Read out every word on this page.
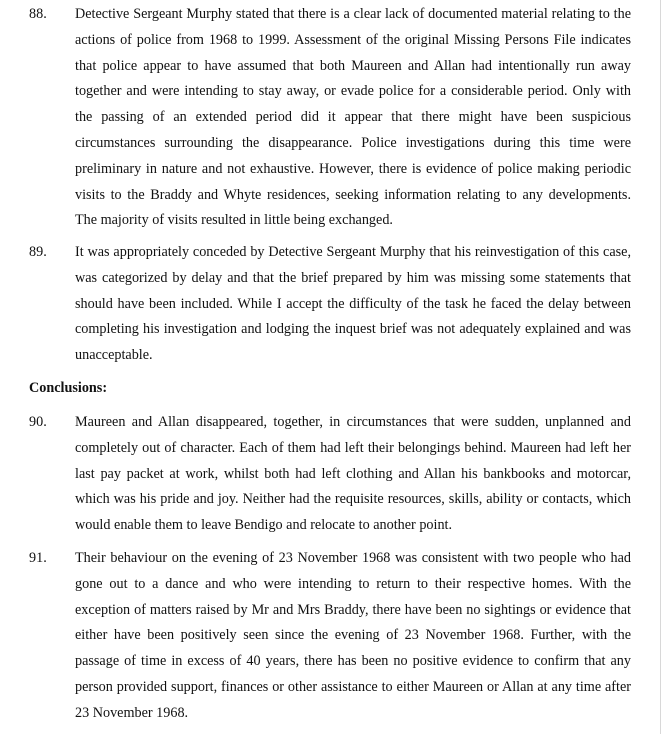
88. Detective Sergeant Murphy stated that there is a clear lack of documented material relating to the actions of police from 1968 to 1999. Assessment of the original Missing Persons File indicates that police appear to have assumed that both Maureen and Allan had intentionally run away together and were intending to stay away, or evade police for a considerable period. Only with the passing of an extended period did it appear that there might have been suspicious circumstances surrounding the disappearance. Police investigations during this time were preliminary in nature and not exhaustive. However, there is evidence of police making periodic visits to the Braddy and Whyte residences, seeking information relating to any developments. The majority of visits resulted in little being exchanged.
89. It was appropriately conceded by Detective Sergeant Murphy that his reinvestigation of this case, was categorized by delay and that the brief prepared by him was missing some statements that should have been included. While I accept the difficulty of the task he faced the delay between completing his investigation and lodging the inquest brief was not adequately explained and was unacceptable.
Conclusions:
90. Maureen and Allan disappeared, together, in circumstances that were sudden, unplanned and completely out of character. Each of them had left their belongings behind. Maureen had left her last pay packet at work, whilst both had left clothing and Allan his bankbooks and motorcar, which was his pride and joy. Neither had the requisite resources, skills, ability or contacts, which would enable them to leave Bendigo and relocate to another point.
91. Their behaviour on the evening of 23 November 1968 was consistent with two people who had gone out to a dance and who were intending to return to their respective homes. With the exception of matters raised by Mr and Mrs Braddy, there have been no sightings or evidence that either have been positively seen since the evening of 23 November 1968. Further, with the passage of time in excess of 40 years, there has been no positive evidence to confirm that any person provided support, finances or other assistance to either Maureen or Allan at any time after 23 November 1968.
